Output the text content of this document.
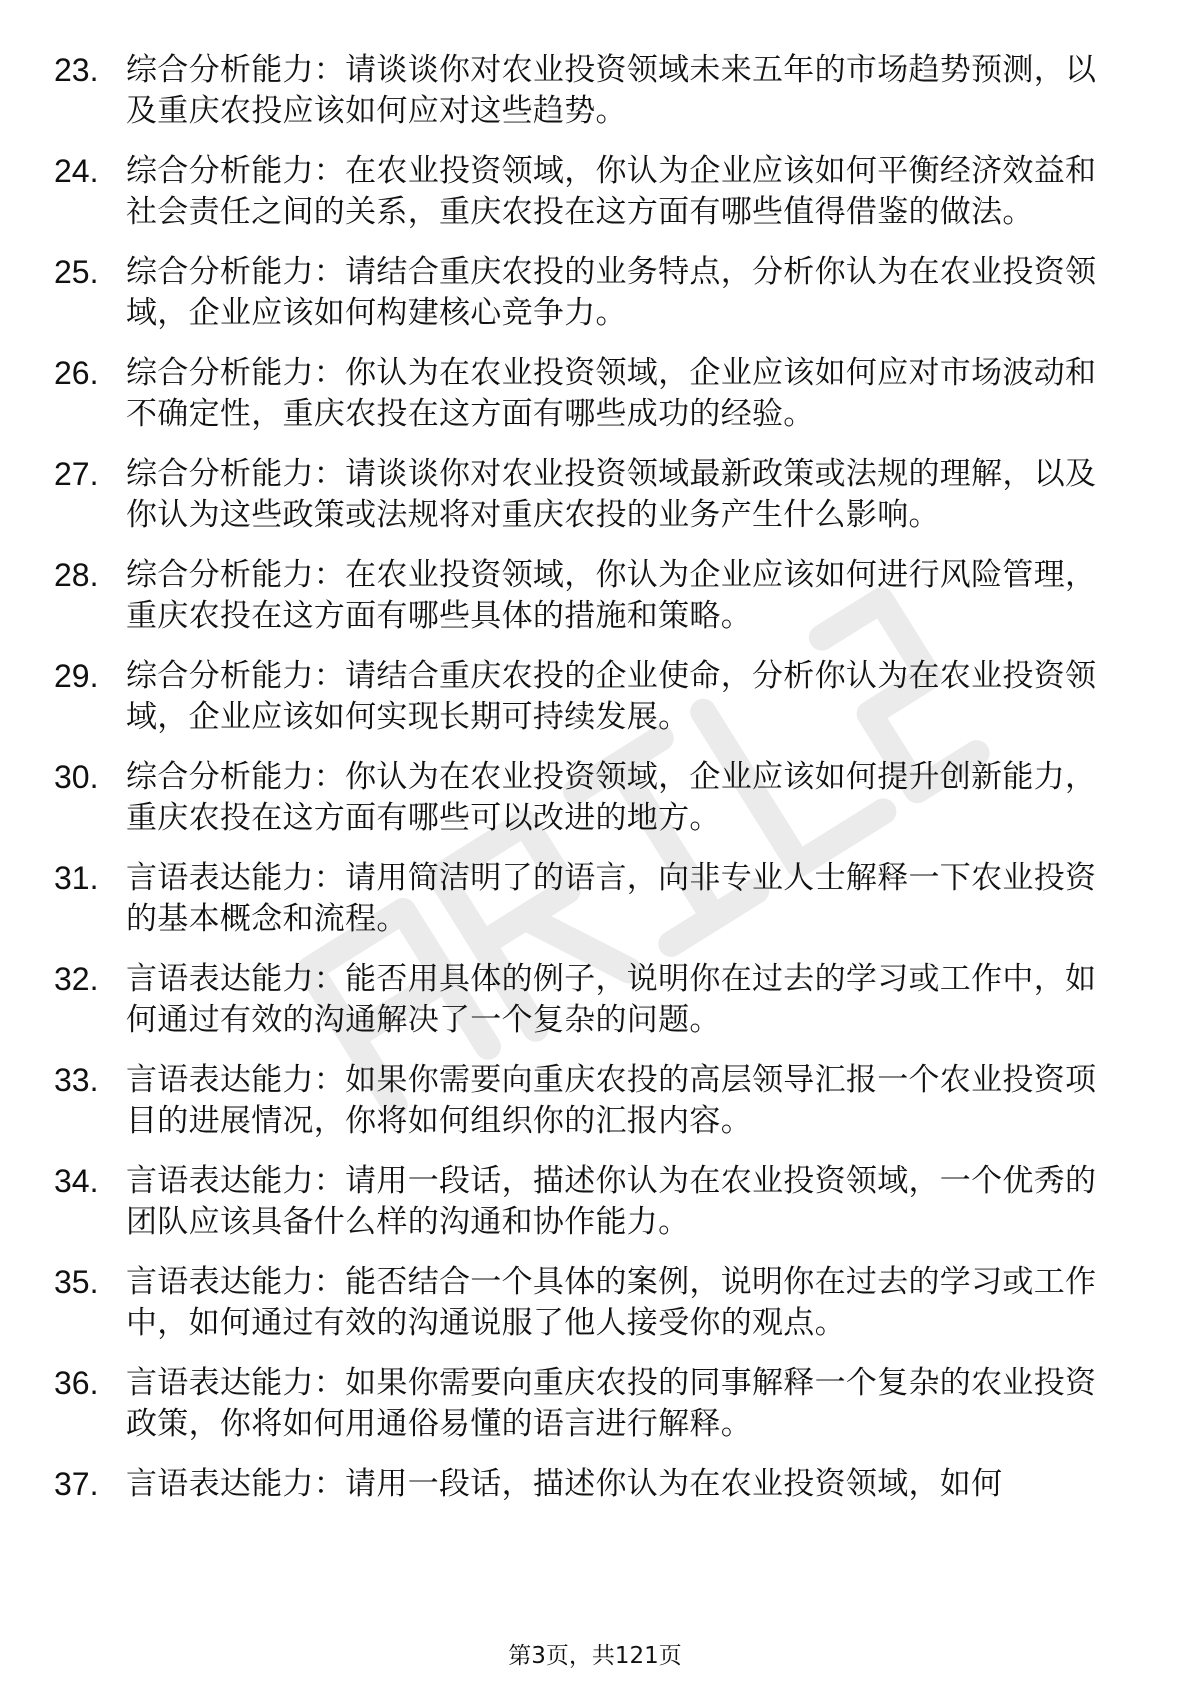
23. 综合分析能力：请谈谈你对农业投资领域未来五年的市场趋势预测，以及重庆农投应该如何应对这些趋势。
24. 综合分析能力：在农业投资领域，你认为企业应该如何平衡经济效益和社会责任之间的关系，重庆农投在这方面有哪些值得借鉴的做法。
25. 综合分析能力：请结合重庆农投的业务特点，分析你认为在农业投资领域，企业应该如何构建核心竞争力。
26. 综合分析能力：你认为在农业投资领域，企业应该如何应对市场波动和不确定性，重庆农投在这方面有哪些成功的经验。
27. 综合分析能力：请谈谈你对农业投资领域最新政策或法规的理解，以及你认为这些政策或法规将对重庆农投的业务产生什么影响。
28. 综合分析能力：在农业投资领域，你认为企业应该如何进行风险管理，重庆农投在这方面有哪些具体的措施和策略。
29. 综合分析能力：请结合重庆农投的企业使命，分析你认为在农业投资领域，企业应该如何实现长期可持续发展。
30. 综合分析能力：你认为在农业投资领域，企业应该如何提升创新能力，重庆农投在这方面有哪些可以改进的地方。
31. 言语表达能力：请用简洁明了的语言，向非专业人士解释一下农业投资的基本概念和流程。
32. 言语表达能力：能否用具体的例子，说明你在过去的学习或工作中，如何通过有效的沟通解决了一个复杂的问题。
33. 言语表达能力：如果你需要向重庆农投的高层领导汇报一个农业投资项目的进展情况，你将如何组织你的汇报内容。
34. 言语表达能力：请用一段话，描述你认为在农业投资领域，一个优秀的团队应该具备什么样的沟通和协作能力。
35. 言语表达能力：能否结合一个具体的案例，说明你在过去的学习或工作中，如何通过有效的沟通说服了他人接受你的观点。
36. 言语表达能力：如果你需要向重庆农投的同事解释一个复杂的农业投资政策，你将如何用通俗易懂的语言进行解释。
37. 言语表达能力：请用一段话，描述你认为在农业投资领域，如何
第3页，共121页
